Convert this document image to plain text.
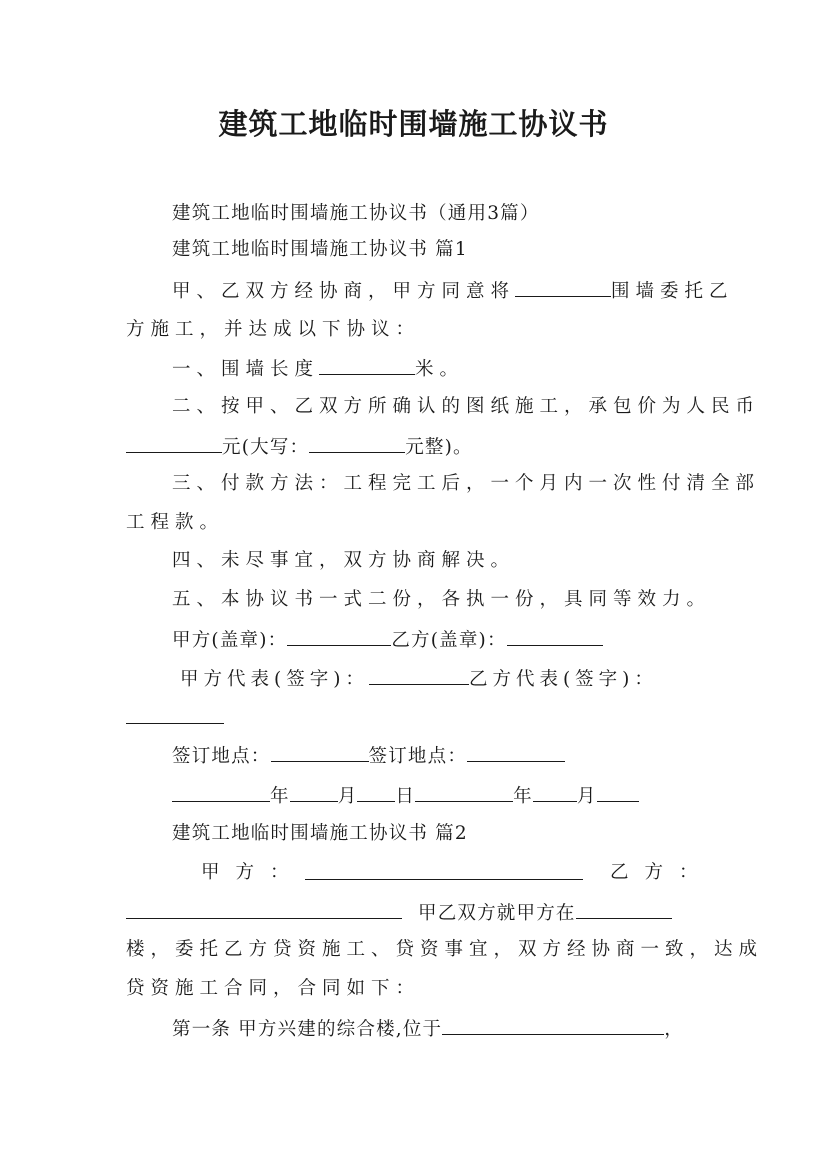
建筑工地临时围墙施工协议书
建筑工地临时围墙施工协议书（通用3篇）
建筑工地临时围墙施工协议书 篇1
甲、乙双方经协商，甲方同意将	围墙委托乙
方施工，并达成以下协议：
一、围墙长度	米。
二、按甲、乙双方所确认的图纸施工，承包价为人民币
元(大写：	元整)。
三、付款方法：工程完工后，一个月内一次性付清全部
工程款。
四、未尽事宜，双方协商解决。
五、本协议书一式二份，各执一份，具同等效力。
甲方(盖章)：	乙方(盖章)：
甲方代表(签字)：	乙方代表(签字)：
签订地点：	签订地点：
年	月 日	年 月
建筑工地临时围墙施工协议书 篇2
甲方：	乙方：
甲乙双方就甲方在
楼，委托乙方贷资施工、贷资事宜，双方经协商一致，达成
贷资施工合同，合同如下：
第一条 甲方兴建的综合楼,位于	，
